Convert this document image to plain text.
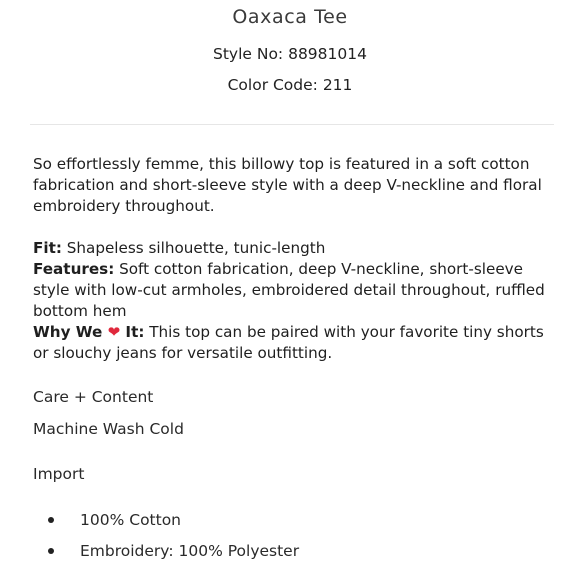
Oaxaca Tee
Style No: 88981014
Color Code: 211

So effortlessly femme, this billowy top is featured in a soft cotton fabrication and short-sleeve style with a deep V-neckline and floral embroidery throughout.

Fit: Shapeless silhouette, tunic-length

Features: Soft cotton fabrication, deep V-neckline, short-sleeve style with low-cut armholes, embroidered detail throughout, ruffled bottom hem

Why We ❤ It: This top can be paired with your favorite tiny shorts or slouchy jeans for versatile outfitting.

Care + Content
Machine Wash Cold
Import
100% Cotton
Embroidery: 100% Polyester
